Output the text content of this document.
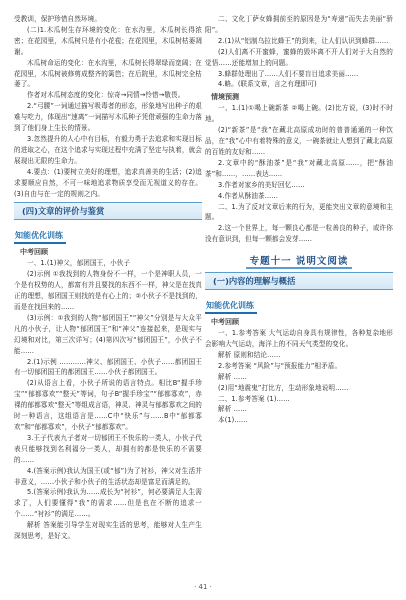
受教训，保护珍惜自然环境。

(二)1.木瓜树生存环境的变化：在水沟里，木瓜树长得浓密；在花园里，木瓜树只是有小花苞；在花园里，木瓜树枯萎凋谢。

木瓜树命运的变化：在水沟里，木瓜树长得翠绿而宽阔；在花园里，木瓜树被修剪成整齐的篱笆；在后院里，木瓜树完全枯萎了。

作者对木瓜树态度的变化：惊奇→同情→怜惜→敬畏。

2.“弓腰”一词通过描写吸毒者的形态，形象地写出种子的艰难与吃力，体现出“速离”一词描写木瓜种子凭借顽强的生命力落到了他们身上生长的情景。

3.忽然提升的人心中有目标，有毅力勇于去追求和实现目标的进取之心，在这个追求与实现过程中充满了坚定与执着，就会展现出无限的生命力。

4.要点：(1)要树立美好的理想，追求真善美的生活；(2)追求要顺应自然，不可一味地追求物质享受而无视道义的存在。(3)自由与在一定的规则之内。

(四)文章的评价与鉴赏
知能优化训练
中考回顾

一、1.(1)神父，郁团国王，小伙子

(2)示例 ①我找到的人物身份不一样，一个是神职人员，一个是有权势的人，都富有并且要找的东西不一样，神父是在找真正的理想，郁团国王则找的是有心上的；②小伙子不是找到的，而是在找回来的……

(3)示例：①我到的人物“郁团国王”“神父”分别是与大众平凡的小伙子，让人物“郁团国王”和“神父”连接起来，是现实与幻境和对比，第三次详写；(4)第四次写“郁团国王”，小伙子不能……

2.(1)示例 …………神父、郁团国王、小伙子……都团国王有一切郁团国王的都团国王……小伙子都团国王。

(2)从语言上看，小伙子所说的语言特点。相比B“握手珍宝”“郁都寡欢”“整天”等词，句子B“握手珍宝”“郁都寡欢”，赤裸的郁都寡欢“整天”等组成言语，神灵、神灵与郁都寡欢之间的时一种语言，这组语言是……C中“快乐”与……B中“郁都寡欢”和“郁都寡欢”，小伙子“郁都寡欢”。

3.王子代表九子者对一切郁团王不快乐的一类人，小伙子代表只能够找到名利福分一类人，却拥有的都是快乐的不需要的……

4.(答案示例)我认为国王(或“郁”)为了衬衫，神父对生活并非意义，……小伙子和小伙子的生活状态却是富足而满足的。

5.(答案示例)我认为……成长为“衬衫”，何必要满足人生需求了，人们要懂得“我”的需求……但是也在不断的追求一个……“衬衫”的满足……。

解析 答案能引导学生对现实生活的思考，能够对人生产生深刻思考，是好文。

二、文化丁萨女蜂拥前至的原因是为“寿递”而失去美丽“骄阳”。

2.(1)从“铝制乌拉比蜂王”的到来，让人们认识到蜂群……

(2)人们离不开蜜蜂，蜜蜂的毁坏离不开人们对于大自然的觉悟……还能增加上的问题。

3.蜂群处理出了……人们不要盲目追求美丽……

4.略。(联系文章，言之有理即可)

情境预测

一、1.(1)①喝上碗新茶 ②喝上碗。(2)比方说，(3)时不时地。

(2)“新茶”是“我”在藏北高原成功时的普普通通的一种饮品，在“我”心中有着特殊的意义，一碗茶就让人想到了藏北高原的百姓的友好和……

2.文章中的“酥油茶”是“我”对藏北高原……，把“酥油茶”和……，……表达……

3.作者对家乡的美好回忆……

4.作者从酥油茶……

二、1.为了反对文章后来的行为，更能突出文章的意境和主题。

2.这一个世界上，每一颗良心都是一粒善良的种子，或许你没有意识到，但每一颗都会发芽……

专题十一 说明文阅读
(一)内容的理解与概括
知能优化训练
中考回顾

一、1.参考答案 大气运动自身具有规律性，各种复杂地形会影响大气运动，海洋上的不同天气类型的变化。

解析 原则和结论……

2.参考答案 “风险”与“预报能力”相矛盾。

解析 ……

(2)用“地震鬼”打比方，生动形象地说明……

二、1.参考答案 (1)……

解析 ……

本(1)……

· 41 ·
